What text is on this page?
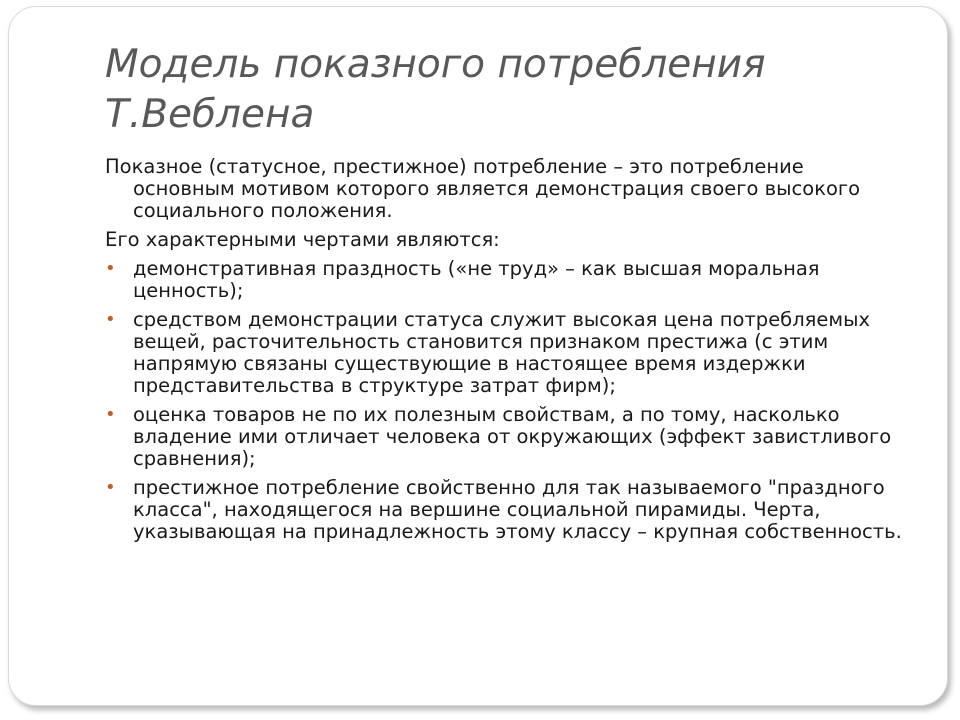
Модель показного потребления
Т.Веблена

Показное (статусное, престижное) потребление – это потребление основным мотивом которого является демонстрация своего высокого социального положения.

Его характерными чертами являются:

• демонстративная праздность («не труд» – как высшая моральная ценность);
• средством демонстрации статуса служит высокая цена потребляемых вещей, расточительность становится признаком престижа (с этим напрямую связаны существующие в настоящее время издержки представительства в структуре затрат фирм);
• оценка товаров не по их полезным свойствам, а по тому, насколько владение ими отличает человека от окружающих (эффект завистливого сравнения);
• престижное потребление свойственно для так называемого "праздного класса", находящегося на вершине социальной пирамиды. Черта, указывающая на принадлежность этому классу – крупная собственность.
